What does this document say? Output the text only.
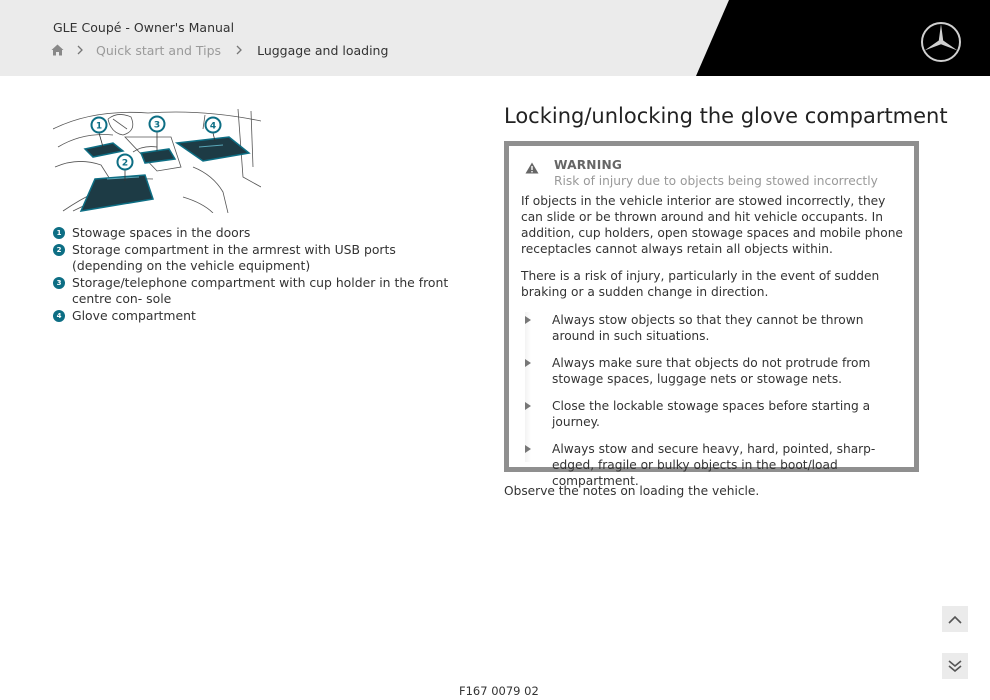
GLE Coupé - Owner's Manual
Quick start and Tips	Luggage and loading
1
2
3	4
1 Stowage spaces in the doors
2 Storage compartment in the armrest with USB ports (depending on the vehicle equipment)
3 Storage/telephone compartment with cup holder in the front centre con- sole
4 Glove compartment
Locking/unlocking the glove compartment
WARNING
Risk of injury due to objects being stowed incorrectly
If objects in the vehicle interior are stowed incorrectly, they can slide or be thrown around and hit vehicle occupants. In addition, cup holders, open stowage spaces and mobile phone receptacles cannot always retain all objects within.
There is a risk of injury, particularly in the event of sudden braking or a sudden change in direction.
Always stow objects so that they cannot be thrown around in such situations.
Always make sure that objects do not protrude from stowage spaces, luggage nets or stowage nets.
Close the lockable stowage spaces before starting a journey.
Always stow and secure heavy, hard, pointed, sharp-edged, fragile or bulky objects in the boot/load compartment.
Observe the notes on loading the vehicle.
F167 0079 02
